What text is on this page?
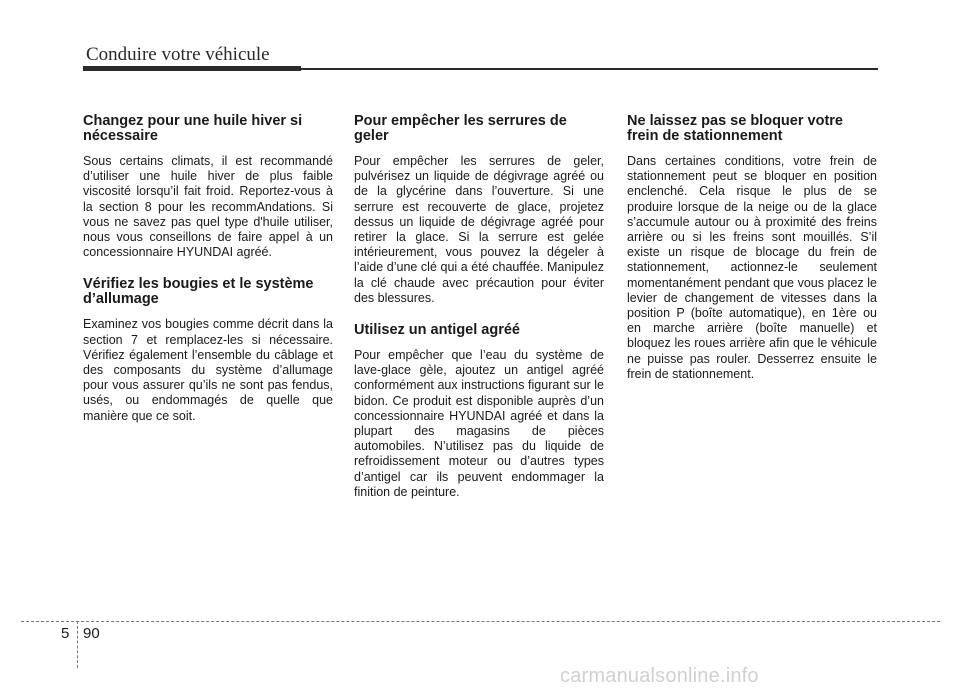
Conduire votre véhicule
Changez pour une huile hiver si nécessaire

Sous certains climats, il est recommandé d’utiliser une huile hiver de plus faible viscosité lorsqu’il fait froid. Reportez-vous à la section 8 pour les recommAndations. Si vous ne savez pas quel type d'huile utiliser, nous vous conseillons de faire appel à un concessionnaire HYUNDAI agréé.

Vérifiez les bougies et le système d’allumage

Examinez vos bougies comme décrit dans la section 7 et remplacez-les si nécessaire. Vérifiez également l’ensemble du câblage et des composants du système d’allumage pour vous assurer qu’ils ne sont pas fendus, usés, ou endommagés de quelle que manière que ce soit.

Pour empêcher les serrures de geler

Pour empêcher les serrures de geler, pulvérisez un liquide de dégivrage agréé ou de la glycérine dans l’ouverture. Si une serrure est recouverte de glace, projetez dessus un liquide de dégivrage agréé pour retirer la glace. Si la serrure est gelée intérieurement, vous pouvez la dégeler à l’aide d’une clé qui a été chauffée. Manipulez la clé chaude avec précaution pour éviter des blessures.

Utilisez un antigel agréé

Pour empêcher que l’eau du système de lave-glace gèle, ajoutez un antigel agréé conformément aux instructions figurant sur le bidon. Ce produit est disponible auprès d’un concessionnaire HYUNDAI agréé et dans la plupart des magasins de pièces automobiles. N’utilisez pas du liquide de refroidissement moteur ou d’autres types d’antigel car ils peuvent endommager la finition de peinture.

Ne laissez pas se bloquer votre frein de stationnement

Dans certaines conditions, votre frein de stationnement peut se bloquer en position enclenché. Cela risque le plus de se produire lorsque de la neige ou de la glace s’accumule autour ou à proximité des freins arrière ou si les freins sont mouillés. S’il existe un risque de blocage du frein de stationnement, actionnez-le seulement momentanément pendant que vous placez le levier de changement de vitesses dans la position P (boîte automatique), en 1ère ou en marche arrière (boîte manuelle) et bloquez les roues arrière afin que le véhicule ne puisse pas rouler. Desserrez ensuite le frein de stationnement.

5 90
carmanualsonline.info
